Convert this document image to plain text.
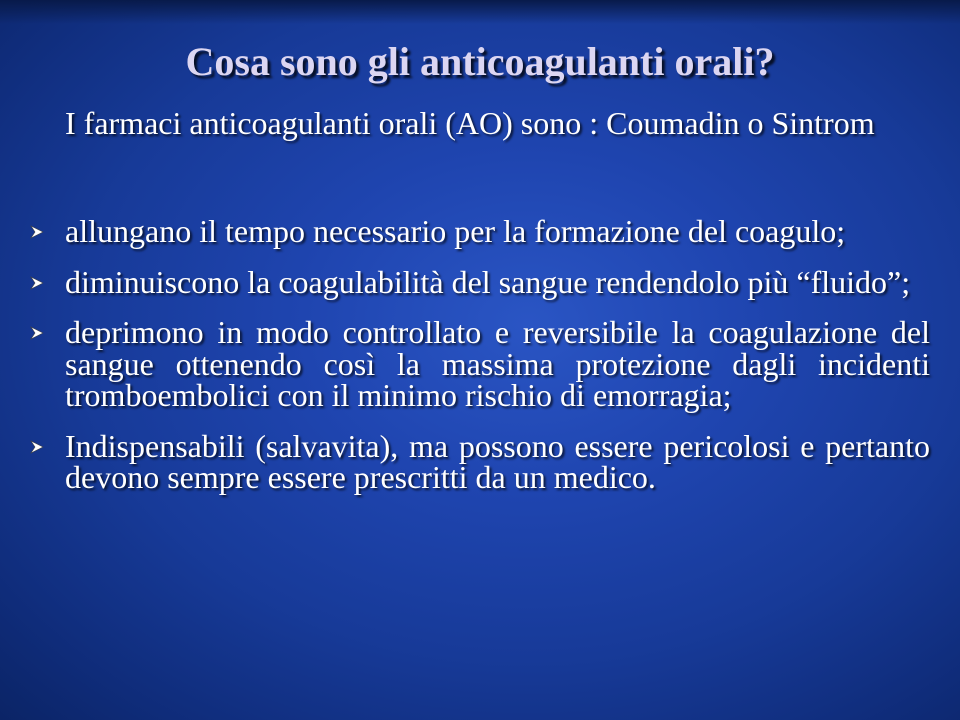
Cosa sono gli anticoagulanti orali?
I farmaci anticoagulanti orali (AO) sono : Coumadin o Sintrom
allungano il tempo necessario per la formazione del coagulo;
diminuiscono la coagulabilità del sangue rendendolo più “fluido”;
deprimono in modo controllato e reversibile la coagulazione del sangue ottenendo così la massima protezione dagli incidenti tromboembolici con il minimo rischio di emorragia;
Indispensabili (salvavita), ma possono essere pericolosi e pertanto devono sempre essere prescritti da un medico.
